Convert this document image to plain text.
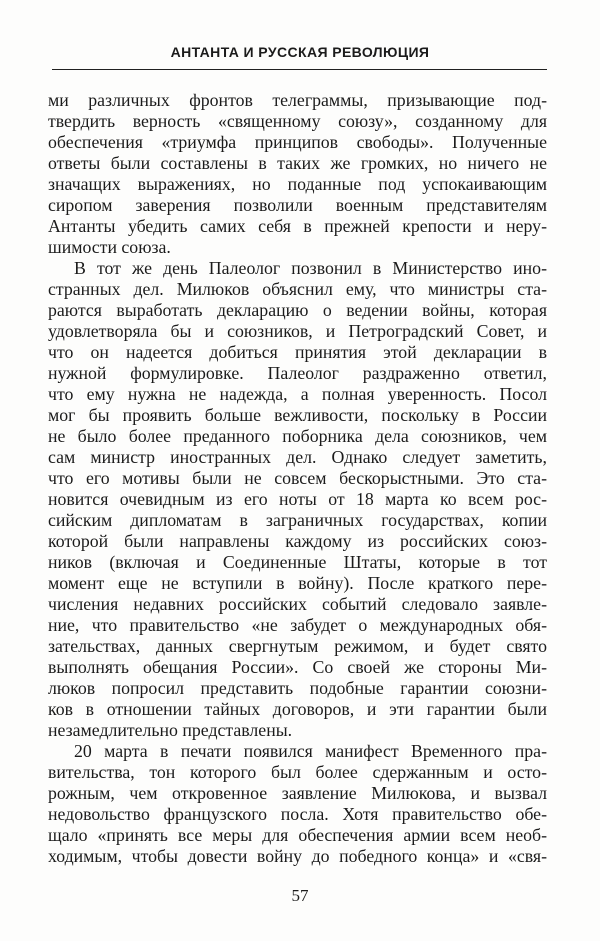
АНТАНТА И РУССКАЯ РЕВОЛЮЦИЯ
ми различных фронтов телеграммы, призывающие под-
твердить верность «священному союзу», созданному для
обеспечения «триумфа принципов свободы». Полученные
ответы были составлены в таких же громких, но ничего не
значащих выражениях, но поданные под успокаивающим
сиропом заверения позволили военным представителям
Антанты убедить самих себя в прежней крепости и неру-
шимости союза.
В тот же день Палеолог позвонил в Министерство ино-
странных дел. Милюков объяснил ему, что министры ста-
раются выработать декларацию о ведении войны, которая
удовлетворяла бы и союзников, и Петроградский Совет, и
что он надеется добиться принятия этой декларации в
нужной формулировке. Палеолог раздраженно ответил,
что ему нужна не надежда, а полная уверенность. Посол
мог бы проявить больше вежливости, поскольку в России
не было более преданного поборника дела союзников, чем
сам министр иностранных дел. Однако следует заметить,
что его мотивы были не совсем бескорыстными. Это ста-
новится очевидным из его ноты от 18 марта ко всем рос-
сийским дипломатам в заграничных государствах, копии
которой были направлены каждому из российских союз-
ников (включая и Соединенные Штаты, которые в тот
момент еще не вступили в войну). После краткого пере-
числения недавних российских событий следовало заявле-
ние, что правительство «не забудет о международных обя-
зательствах, данных свергнутым режимом, и будет свято
выполнять обещания России». Со своей же стороны Ми-
люков попросил представить подобные гарантии союзни-
ков в отношении тайных договоров, и эти гарантии были
незамедлительно представлены.
20 марта в печати появился манифест Временного пра-
вительства, тон которого был более сдержанным и осто-
рожным, чем откровенное заявление Милюкова, и вызвал
недовольство французского посла. Хотя правительство обе-
щало «принять все меры для обеспечения армии всем необ-
ходимым, чтобы довести войну до победного конца» и «свя-
57
